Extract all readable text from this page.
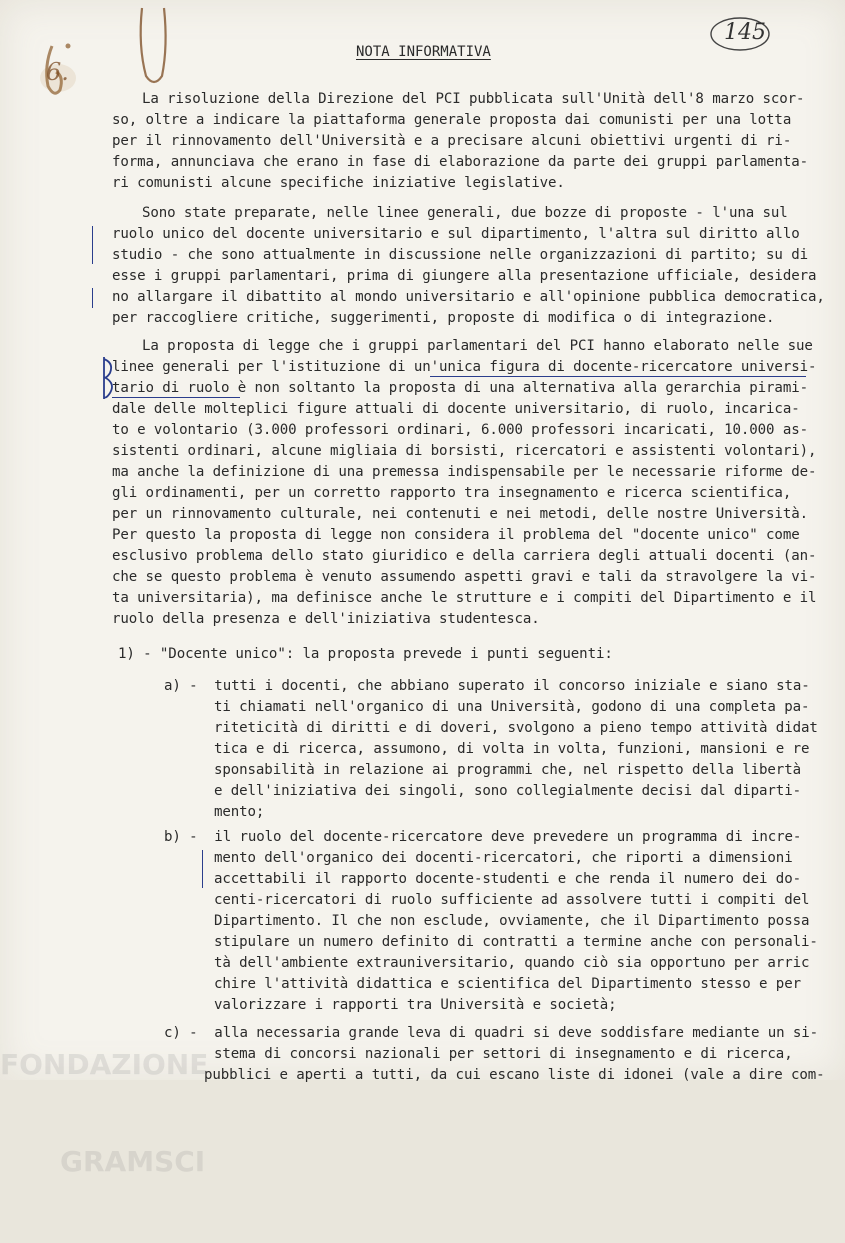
145
NOTA INFORMATIVA
La risoluzione della Direzione del PCI pubblicata sull'Unità dell'8 marzo scor-
so, oltre a indicare la piattaforma generale proposta dai comunisti per una lotta
per il rinnovamento dell'Università e a precisare alcuni obiettivi urgenti di ri-
forma, annunciava che erano in fase di elaborazione da parte dei gruppi parlamenta-
ri comunisti alcune specifiche iniziative legislative.
Sono state preparate, nelle linee generali, due bozze di proposte - l'una sul
ruolo unico del docente universitario e sul dipartimento, l'altra sul diritto allo
studio - che sono attualmente in discussione nelle organizzazioni di partito; su di
esse i gruppi parlamentari, prima di giungere alla presentazione ufficiale, desidera
no allargare il dibattito al mondo universitario e all'opinione pubblica democratica,
per raccogliere critiche, suggerimenti, proposte di modifica o di integrazione.
La proposta di legge che i gruppi parlamentari del PCI hanno elaborato nelle sue
linee generali per l'istituzione di un'unica figura di docente-ricercatore universi-
tario di ruolo è non soltanto la proposta di una alternativa alla gerarchia pirami-
dale delle molteplici figure attuali di docente universitario, di ruolo, incarica-
to e volontario (3.000 professori ordinari, 6.000 professori incaricati, 10.000 as-
sistenti ordinari, alcune migliaia di borsisti, ricercatori e assistenti volontari),
ma anche la definizione di una premessa indispensabile per le necessarie riforme de-
gli ordinamenti, per un corretto rapporto tra insegnamento e ricerca scientifica,
per un rinnovamento culturale, nei contenuti e nei metodi, delle nostre Università.
Per questo la proposta di legge non considera il problema del "docente unico" come
esclusivo problema dello stato giuridico e della carriera degli attuali docenti (an-
che se questo problema è venuto assumendo aspetti gravi e tali da stravolgere la vi-
ta universitaria), ma definisce anche le strutture e i compiti del Dipartimento e il
ruolo della presenza e dell'iniziativa studentesca.
1) - "Docente unico": la proposta prevede i punti seguenti:
a) -  tutti i docenti, che abbiano superato il concorso iniziale e siano sta-
ti chiamati nell'organico di una Università, godono di una completa pa-
riteticità di diritti e di doveri, svolgono a pieno tempo attività didat
tica e di ricerca, assumono, di volta in volta, funzioni, mansioni e re
sponsabilità in relazione ai programmi che, nel rispetto della libertà
e dell'iniziativa dei singoli, sono collegialmente decisi dal diparti-
mento;
b) -  il ruolo del docente-ricercatore deve prevedere un programma di incre-
mento dell'organico dei docenti-ricercatori, che riporti a dimensioni
accettabili il rapporto docente-studenti e che renda il numero dei do-
centi-ricercatori di ruolo sufficiente ad assolvere tutti i compiti del
Dipartimento. Il che non esclude, ovviamente, che il Dipartimento possa
stipulare un numero definito di contratti a termine anche con personali-
tà dell'ambiente extrauniversitario, quando ciò sia opportuno per arric
chire l'attività didattica e scientifica del Dipartimento stesso e per
valorizzare i rapporti tra Università e società;
c) -  alla necessaria grande leva di quadri si deve soddisfare mediante un si-
stema di concorsi nazionali per settori di insegnamento e di ricerca,
pubblici e aperti a tutti, da cui escano liste di idonei (vale a dire com-

FONDAZIONE

GRAMSCI

6.
